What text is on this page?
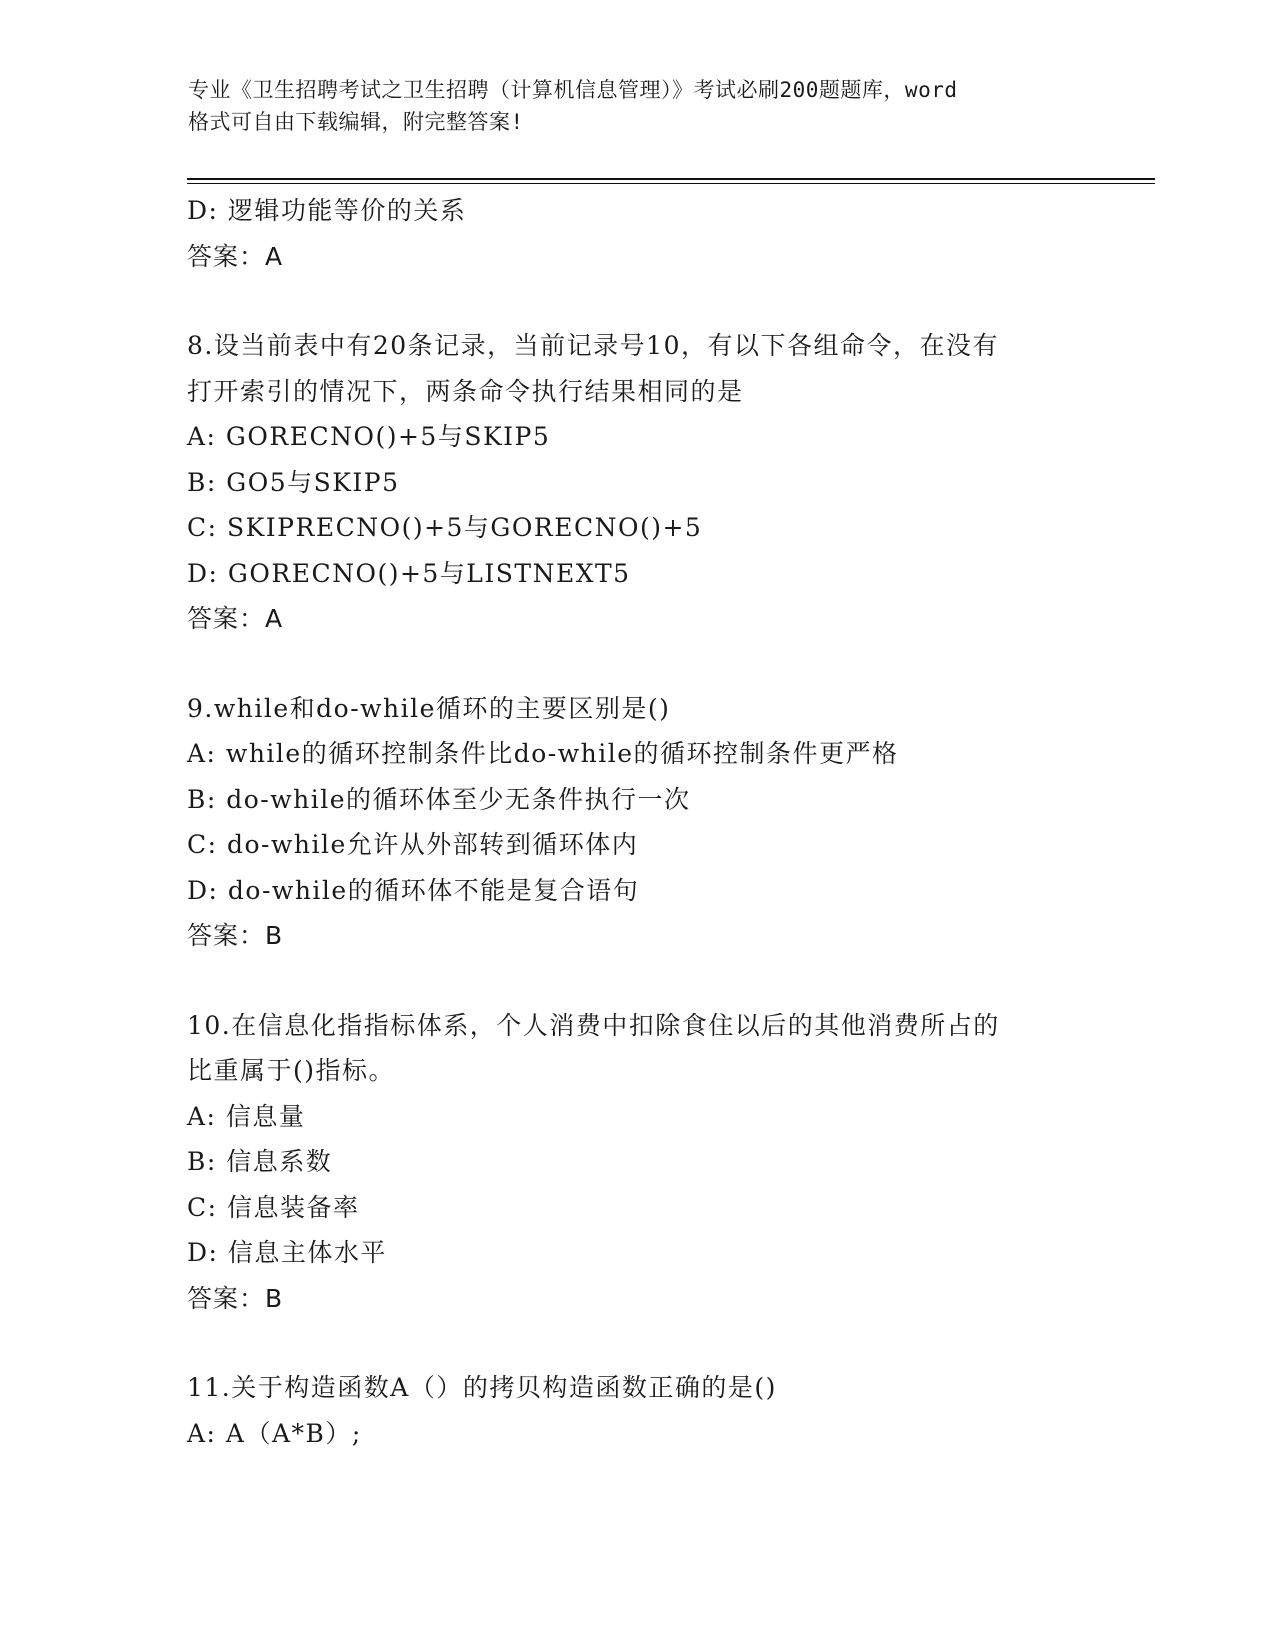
专业《卫生招聘考试之卫生招聘（计算机信息管理）》考试必刷200题题库，word
格式可自由下载编辑，附完整答案!
D: 逻辑功能等价的关系
答案：A
8.设当前表中有20条记录，当前记录号10，有以下各组命令，在没有
打开索引的情况下，两条命令执行结果相同的是
A: GORECNO()+5与SKIP5
B: GO5与SKIP5
C: SKIPRECNO()+5与GORECNO()+5
D: GORECNO()+5与LISTNEXT5
答案：A
9.while和do-while循环的主要区别是()
A: while的循环控制条件比do-while的循环控制条件更严格
B: do-while的循环体至少无条件执行一次
C: do-while允许从外部转到循环体内
D: do-while的循环体不能是复合语句
答案：B
10.在信息化指指标体系，个人消费中扣除食住以后的其他消费所占的
比重属于()指标。
A: 信息量
B: 信息系数
C: 信息装备率
D: 信息主体水平
答案：B
11.关于构造函数A（）的拷贝构造函数正确的是()
A: A（A*B）;
